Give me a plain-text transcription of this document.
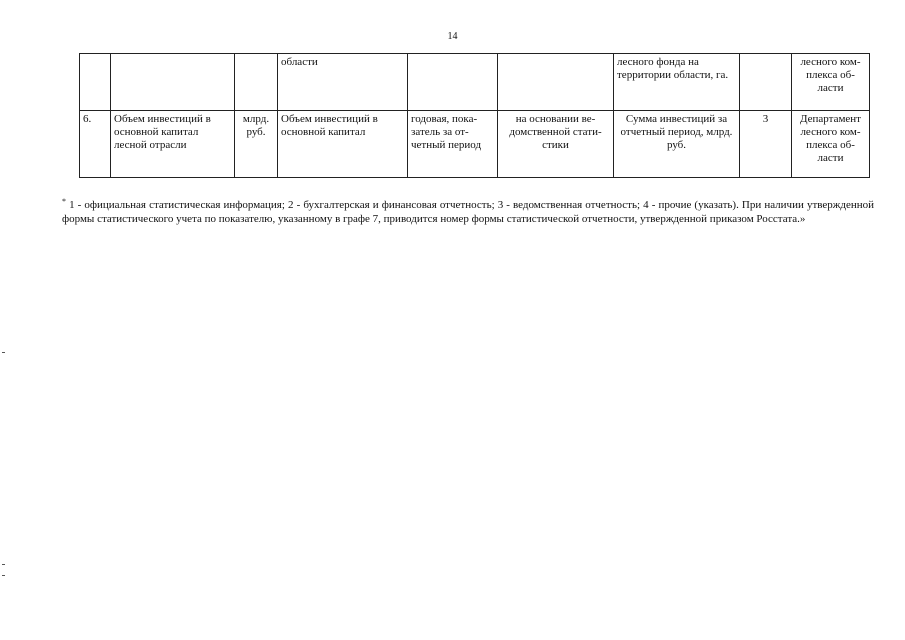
14
			области			лесного фонда на территории области, га.		лесного ком-плекса об-ласти
6.	Объем инвестиций в основной капитал лесной отрасли	млрд. руб.	Объем инвестиций в основной капитал	годовая, пока-затель за от-четный период	на основании ве-домственной стати-стики	Сумма инвестиций за отчетный период, млрд. руб.	3	Департамент лесного ком-плекса об-ласти
* 1 - официальная статистическая информация; 2 - бухгалтерская и финансовая отчетность; 3 - ведомственная отчетность; 4 - прочие (указать). При наличии утвержденной формы статистического учета по показателю, указанному в графе 7, приводится номер формы статистической отчетности, утвержденной приказом Росстата.»
